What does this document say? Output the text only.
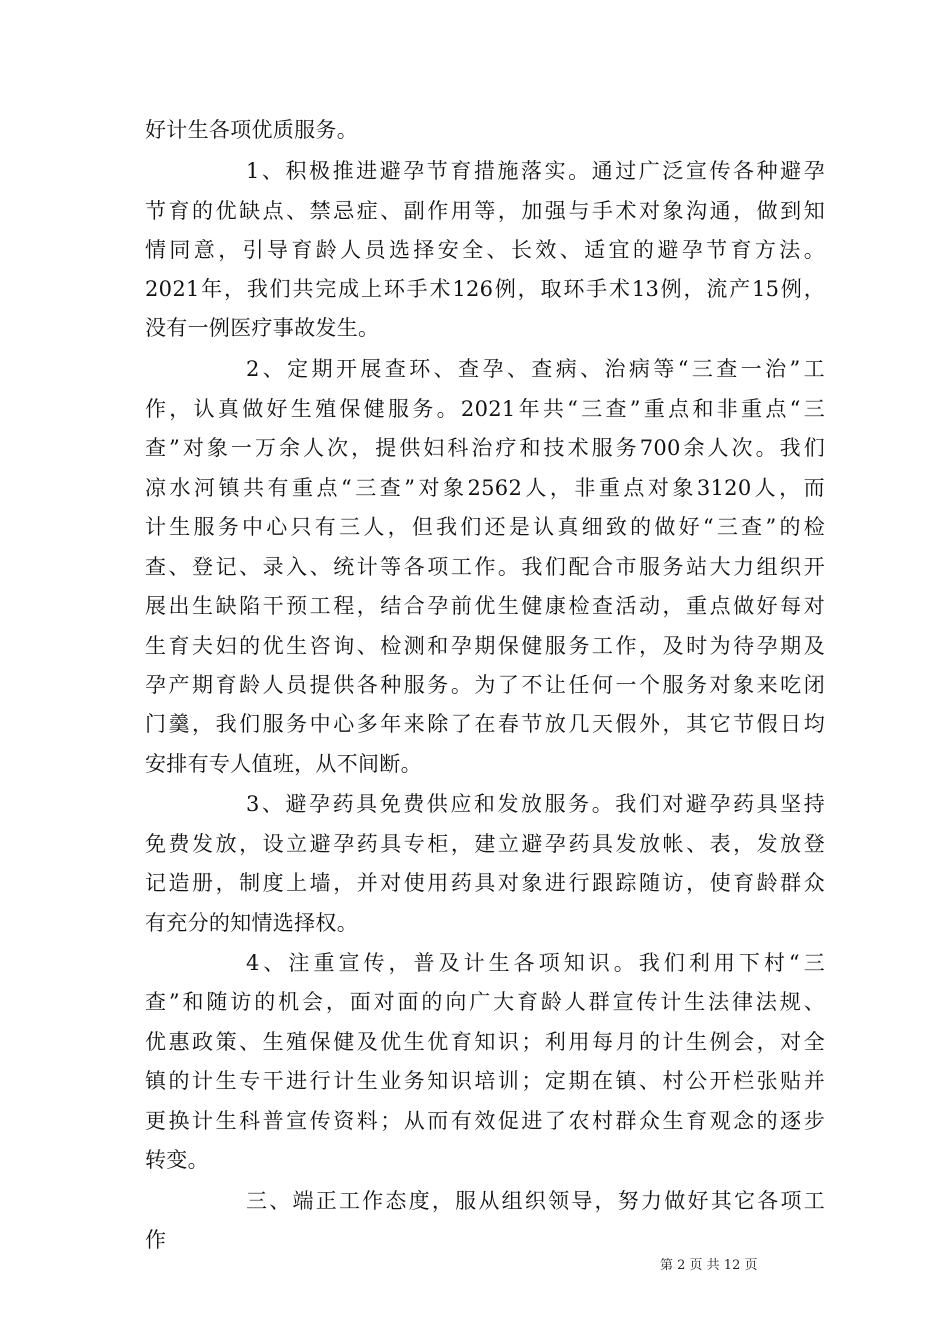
好计生各项优质服务。
1、积极推进避孕节育措施落实。通过广泛宣传各种避孕
节育的优缺点、禁忌症、副作用等，加强与手术对象沟通，做到知
情同意，引导育龄人员选择安全、长效、适宜的避孕节育方法。
2021年，我们共完成上环手术126例，取环手术13例，流产15例，
没有一例医疗事故发生。
2、定期开展查环、查孕、查病、治病等“三查一治”工
作，认真做好生殖保健服务。2021年共“三查”重点和非重点“三
查”对象一万余人次，提供妇科治疗和技术服务700余人次。我们
凉水河镇共有重点“三查”对象2562人，非重点对象3120人，而
计生服务中心只有三人，但我们还是认真细致的做好“三查”的检
查、登记、录入、统计等各项工作。我们配合市服务站大力组织开
展出生缺陷干预工程，结合孕前优生健康检查活动，重点做好每对
生育夫妇的优生咨询、检测和孕期保健服务工作，及时为待孕期及
孕产期育龄人员提供各种服务。为了不让任何一个服务对象来吃闭
门羹，我们服务中心多年来除了在春节放几天假外，其它节假日均
安排有专人值班，从不间断。
3、避孕药具免费供应和发放服务。我们对避孕药具坚持
免费发放，设立避孕药具专柜，建立避孕药具发放帐、表，发放登
记造册，制度上墙，并对使用药具对象进行跟踪随访，使育龄群众
有充分的知情选择权。
4、注重宣传，普及计生各项知识。我们利用下村“三
查”和随访的机会，面对面的向广大育龄人群宣传计生法律法规、
优惠政策、生殖保健及优生优育知识；利用每月的计生例会，对全
镇的计生专干进行计生业务知识培训；定期在镇、村公开栏张贴并
更换计生科普宣传资料；从而有效促进了农村群众生育观念的逐步
转变。
三、端正工作态度，服从组织领导，努力做好其它各项工
作
第 2 页 共 12 页
